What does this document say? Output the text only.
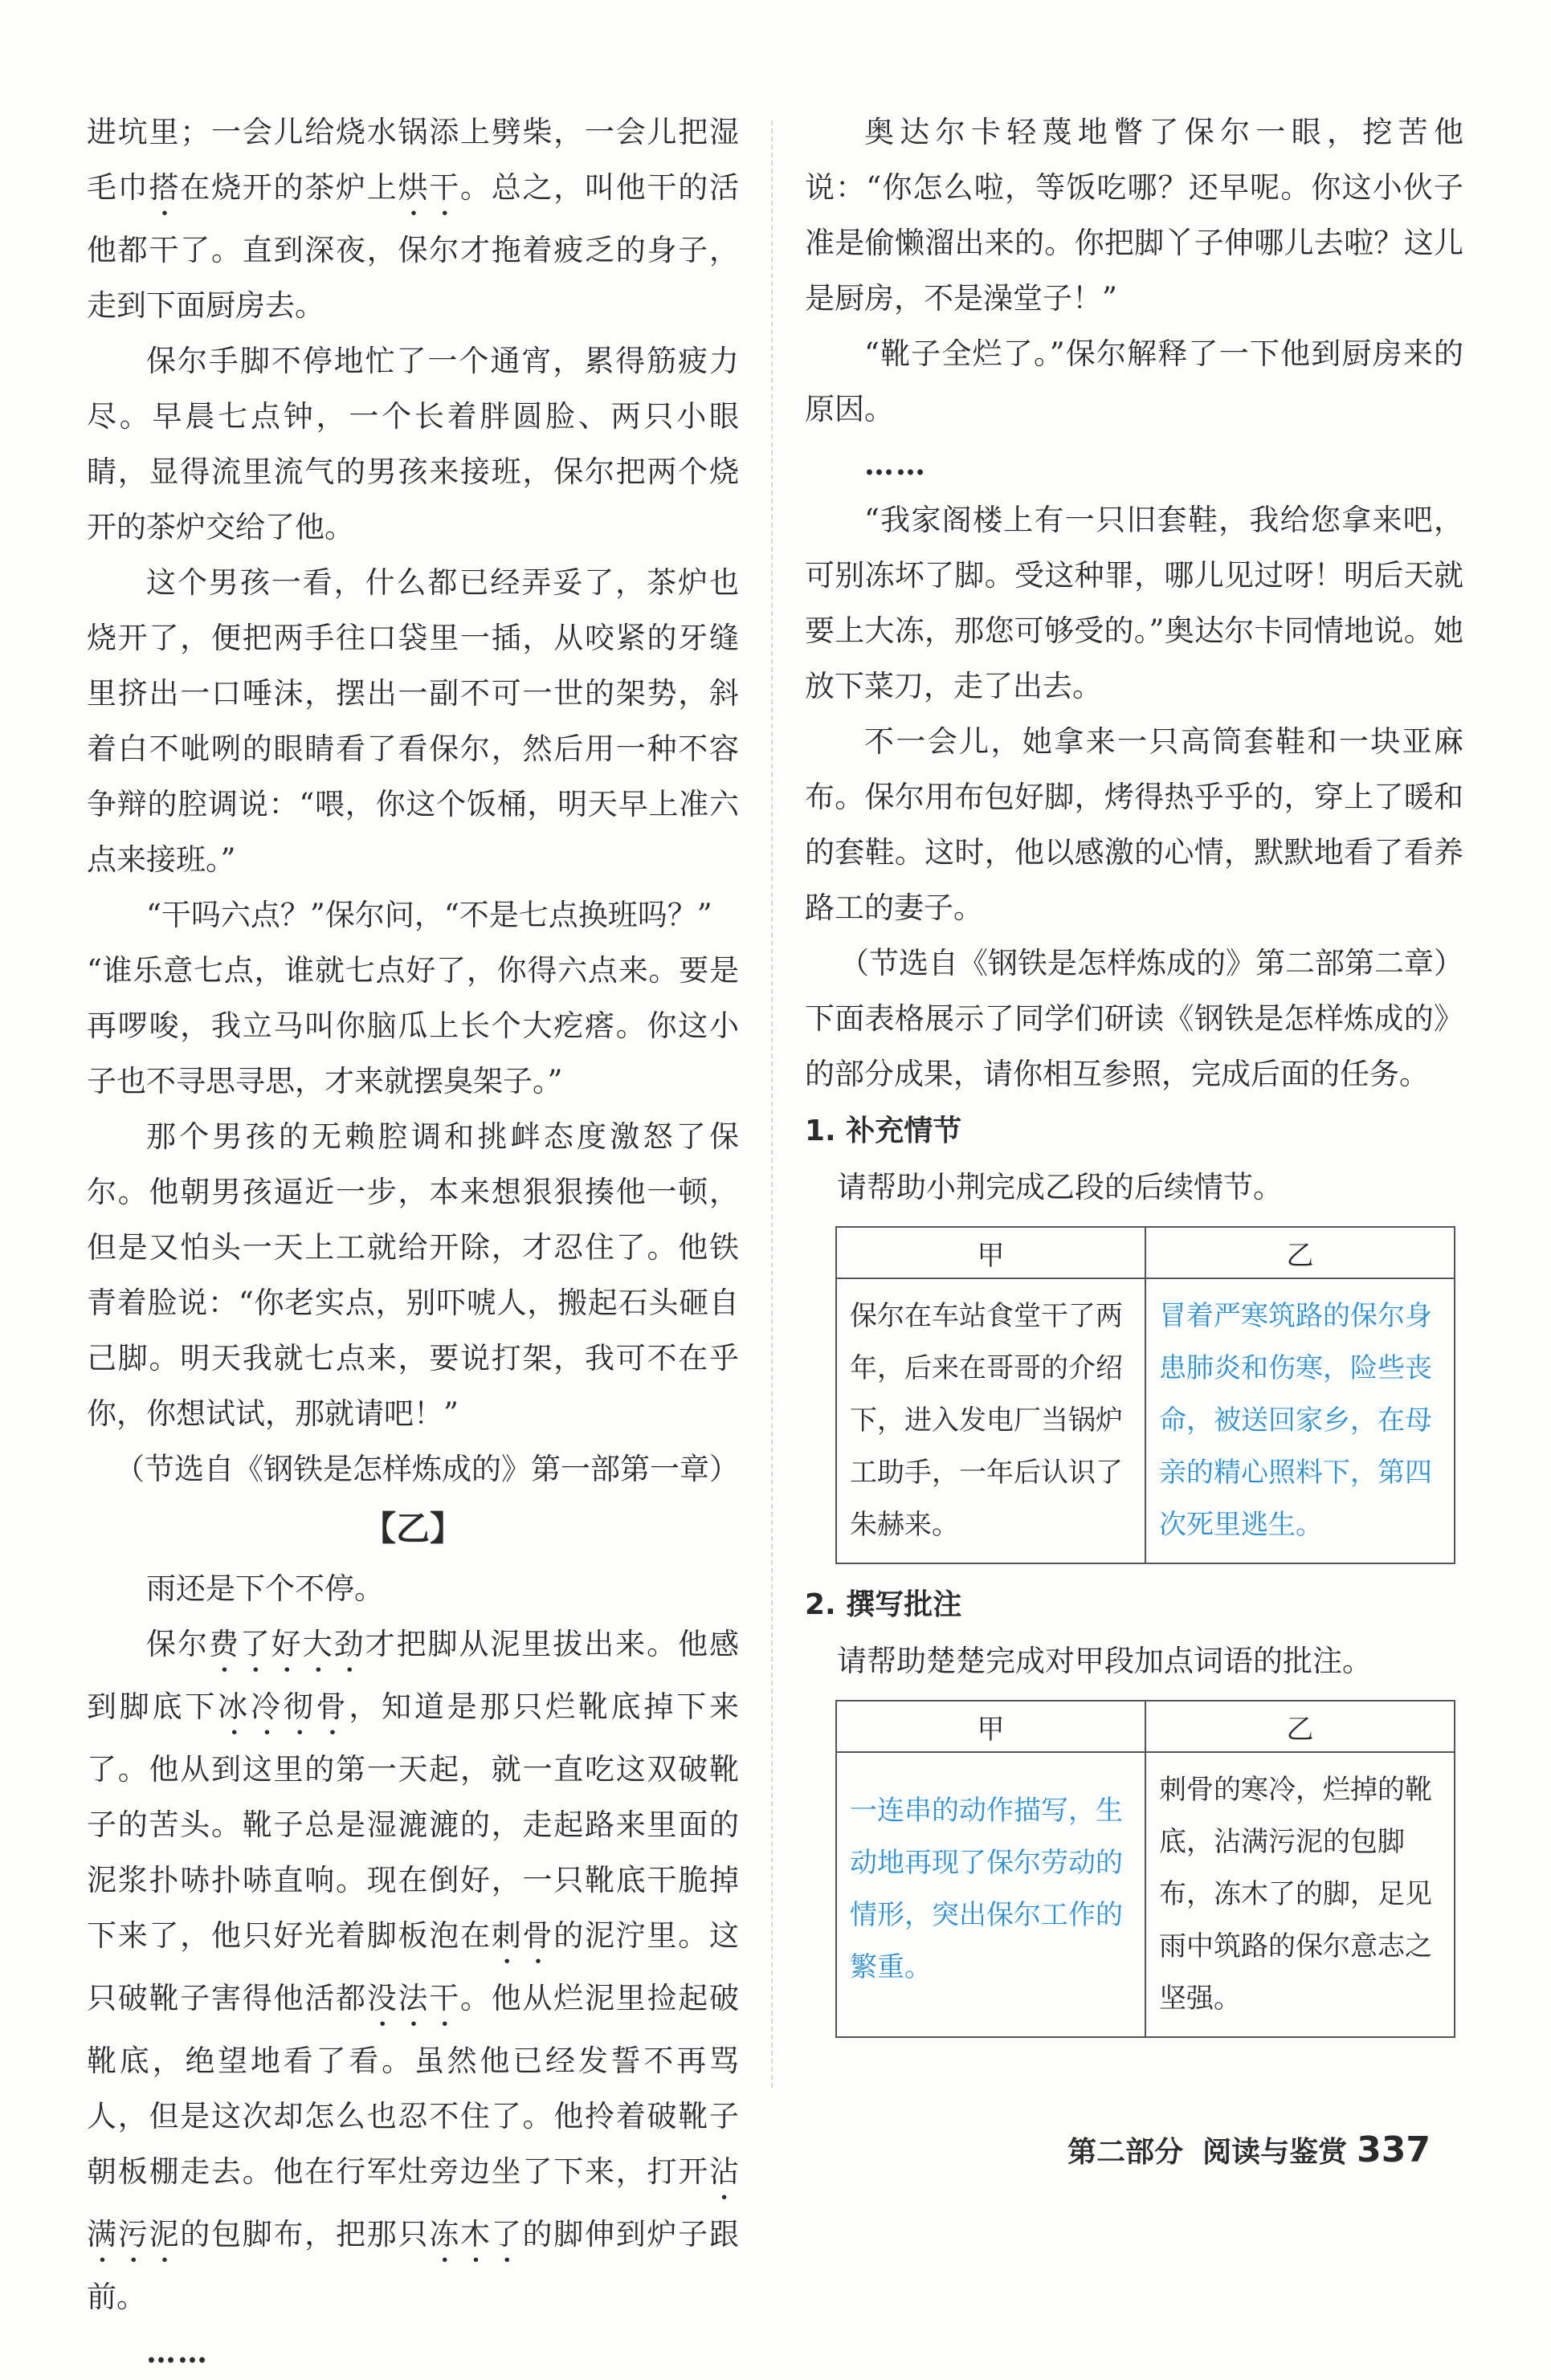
进坑里；一会儿给烧水锅添上劈柴，一会儿把湿毛巾搭在烧开的茶炉上烘干。总之，叫他干的活他都干了。直到深夜，保尔才拖着疲乏的身子，走到下面厨房去。

保尔手脚不停地忙了一个通宵，累得筋疲力尽。早晨七点钟，一个长着胖圆脸、两只小眼睛，显得流里流气的男孩来接班，保尔把两个烧开的茶炉交给了他。

这个男孩一看，什么都已经弄妥了，茶炉也烧开了，便把两手往口袋里一插，从咬紧的牙缝里挤出一口唾沫，摆出一副不可一世的架势，斜着白不呲咧的眼睛看了看保尔，然后用一种不容争辩的腔调说：“喂，你这个饭桶，明天早上准六点来接班。”

“干吗六点？”保尔问，“不是七点换班吗？”

“谁乐意七点，谁就七点好了，你得六点来。要是再啰唆，我立马叫你脑瓜上长个大疙瘩。你这小子也不寻思寻思，才来就摆臭架子。”

那个男孩的无赖腔调和挑衅态度激怒了保尔。他朝男孩逼近一步，本来想狠狠揍他一顿，但是又怕头一天上工就给开除，才忍住了。他铁青着脸说：“你老实点，别吓唬人，搬起石头砸自己脚。明天我就七点来，要说打架，我可不在乎你，你想试试，那就请吧！”

（节选自《钢铁是怎样炼成的》第一部第一章）

【乙】

雨还是下个不停。

保尔费了好大劲才把脚从泥里拔出来。他感到脚底下冰冷彻骨，知道是那只烂靴底掉下来了。他从到这里的第一天起，就一直吃这双破靴子的苦头。靴子总是湿漉漉的，走起路来里面的泥浆扑哧扑哧直响。现在倒好，一只靴底干脆掉下来了，他只好光着脚板泡在刺骨的泥泞里。这只破靴子害得他活都没法干。他从烂泥里捡起破靴底，绝望地看了看。虽然他已经发誓不再骂人，但是这次却怎么也忍不住了。他拎着破靴子朝板棚走去。他在行军灶旁边坐了下来，打开沾满污泥的包脚布，把那只冻木了的脚伸到炉子跟前。

……

奥达尔卡轻蔑地瞥了保尔一眼，挖苦他说：“你怎么啦，等饭吃哪？还早呢。你这小伙子准是偷懒溜出来的。你把脚丫子伸哪儿去啦？这儿是厨房，不是澡堂子！”

“靴子全烂了。”保尔解释了一下他到厨房来的原因。

……

“我家阁楼上有一只旧套鞋，我给您拿来吧，可别冻坏了脚。受这种罪，哪儿见过呀！明后天就要上大冻，那您可够受的。”奥达尔卡同情地说。她放下菜刀，走了出去。

不一会儿，她拿来一只高筒套鞋和一块亚麻布。保尔用布包好脚，烤得热乎乎的，穿上了暖和的套鞋。这时，他以感激的心情，默默地看了看养路工的妻子。

（节选自《钢铁是怎样炼成的》第二部第二章）

下面表格展示了同学们研读《钢铁是怎样炼成的》的部分成果，请你相互参照，完成后面的任务。

1. 补充情节

请帮助小荆完成乙段的后续情节。

甲	乙
保尔在车站食堂干了两年，后来在哥哥的介绍下，进入发电厂当锅炉工助手，一年后认识了朱赫来。	冒着严寒筑路的保尔身患肺炎和伤寒，险些丧命，被送回家乡，在母亲的精心照料下，第四次死里逃生。
2. 撰写批注

请帮助楚楚完成对甲段加点词语的批注。

甲	乙
一连串的动作描写，生动地再现了保尔劳动的情形，突出保尔工作的繁重。	刺骨的寒冷，烂掉的靴底，沾满污泥的包脚布，冻木了的脚，足见雨中筑路的保尔意志之坚强。
第二部分 阅读与鉴赏 337
